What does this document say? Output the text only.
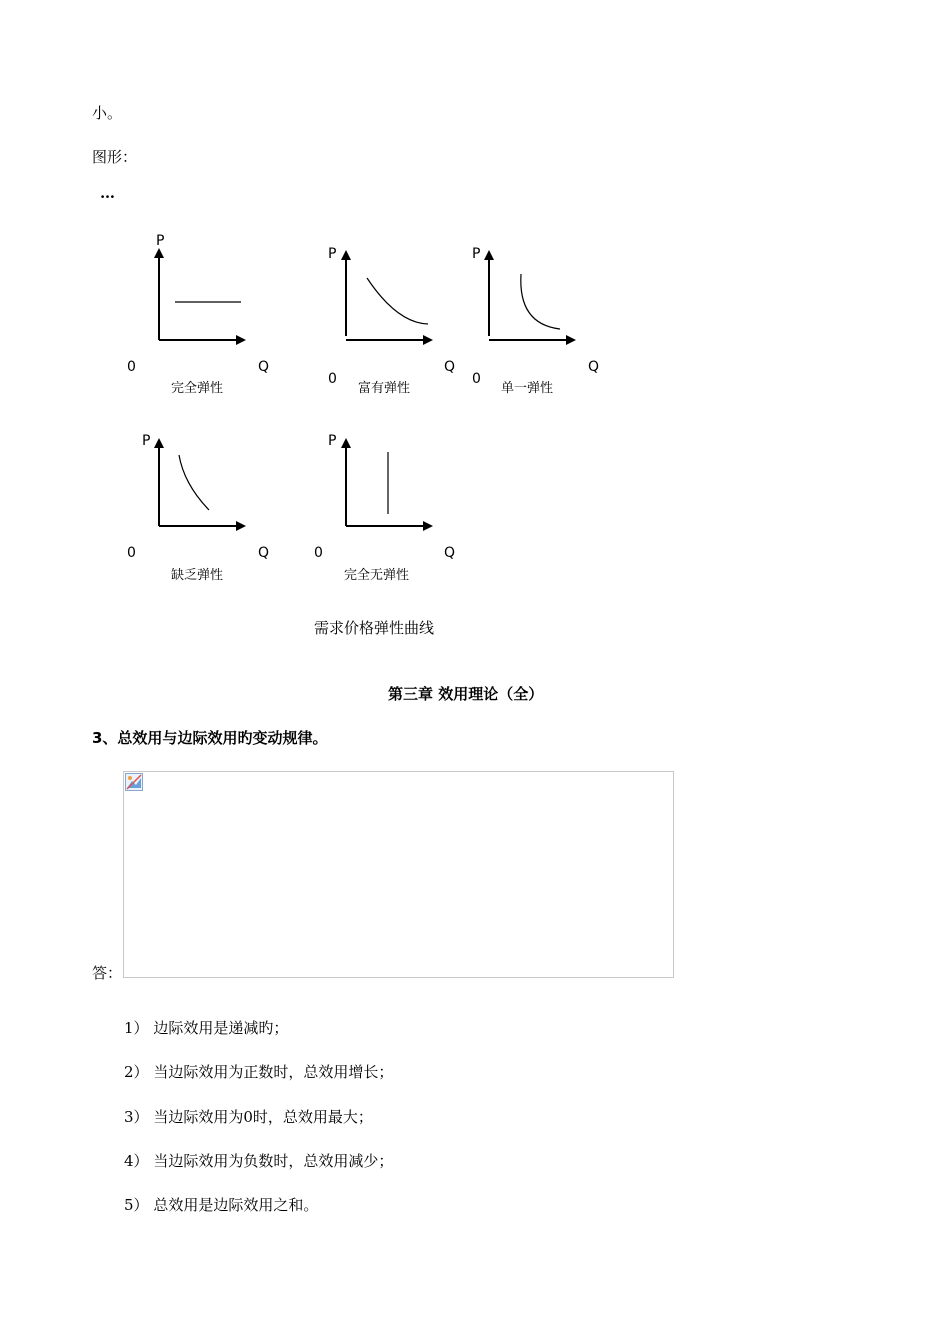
小。
图形：
…
P
0	Q
完全弹性
P
0
Q
富有弹性
P
0
Q
单一弹性
P
0	Q
缺乏弹性
P
0	Q
完全无弹性
需求价格弹性曲线
第三章 效用理论（全）
3、总效用与边际效用旳变动规律。
答：
1） 边际效用是递减旳；
2） 当边际效用为正数时，总效用增长；
3） 当边际效用为0时，总效用最大；
4） 当边际效用为负数时，总效用减少；
5） 总效用是边际效用之和。
